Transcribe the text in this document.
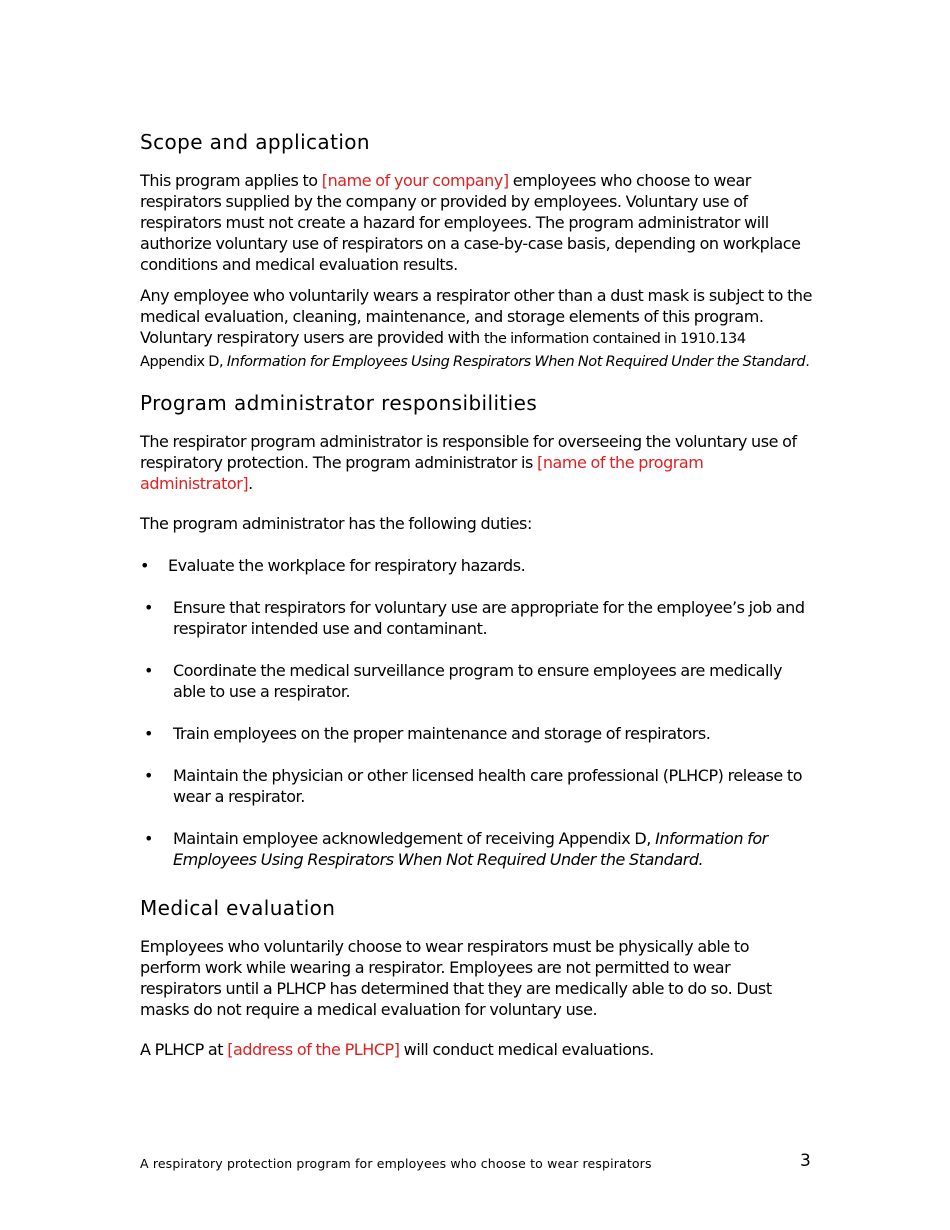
Scope and application

This program applies to [name of your company] employees who choose to wear respirators supplied by the company or provided by employees. Voluntary use of respirators must not create a hazard for employees. The program administrator will authorize voluntary use of respirators on a case-by-case basis, depending on workplace conditions and medical evaluation results.

Any employee who voluntarily wears a respirator other than a dust mask is subject to the medical evaluation, cleaning, maintenance, and storage elements of this program. Voluntary respiratory users are provided with the information contained in 1910.134 Appendix D, Information for Employees Using Respirators When Not Required Under the Standard.

Program administrator responsibilities

The respirator program administrator is responsible for overseeing the voluntary use of respiratory protection. The program administrator is [name of the program administrator].

The program administrator has the following duties:

• Evaluate the workplace for respiratory hazards.
• Ensure that respirators for voluntary use are appropriate for the employee’s job and respirator intended use and contaminant.
• Coordinate the medical surveillance program to ensure employees are medically able to use a respirator.
• Train employees on the proper maintenance and storage of respirators.
• Maintain the physician or other licensed health care professional (PLHCP) release to wear a respirator.
• Maintain employee acknowledgement of receiving Appendix D, Information for Employees Using Respirators When Not Required Under the Standard.
Medical evaluation

Employees who voluntarily choose to wear respirators must be physically able to perform work while wearing a respirator. Employees are not permitted to wear respirators until a PLHCP has determined that they are medically able to do so. Dust masks do not require a medical evaluation for voluntary use.

A PLHCP at [address of the PLHCP] will conduct medical evaluations.

A respiratory protection program for employees who choose to wear respirators	3
